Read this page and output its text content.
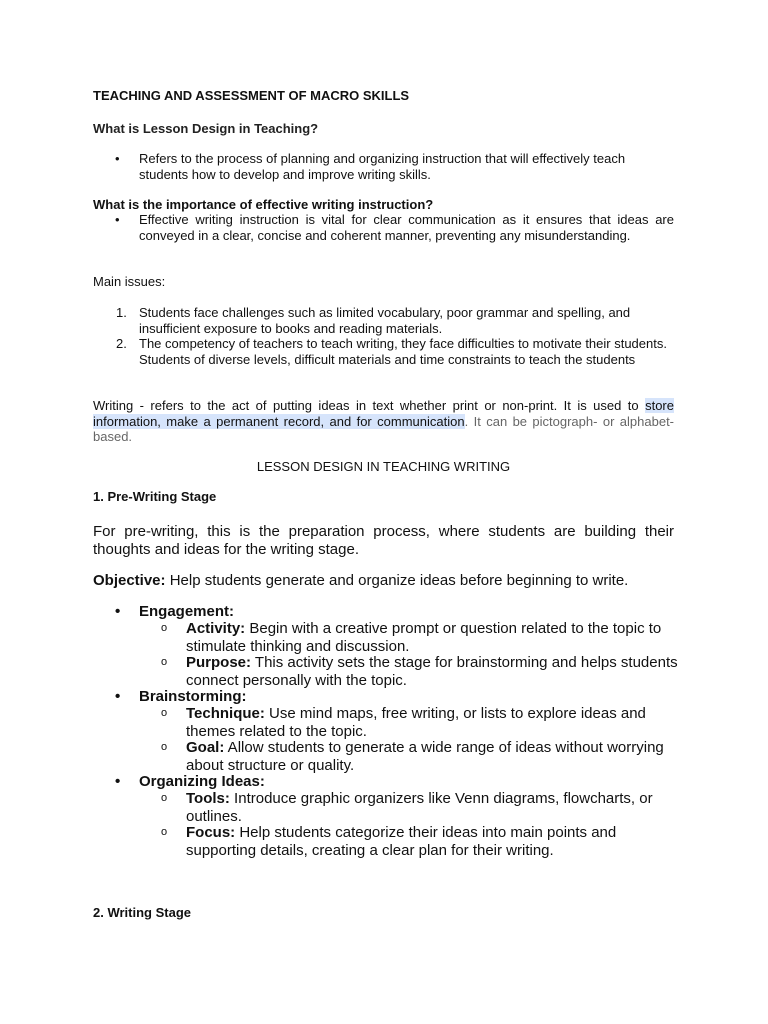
TEACHING AND ASSESSMENT OF MACRO SKILLS
What is Lesson Design in Teaching?
• Refers to the process of planning and organizing instruction that will effectively teach students how to develop and improve writing skills.
What is the importance of effective writing instruction?
• Effective writing instruction is vital for clear communication as it ensures that ideas are conveyed in a clear, concise and coherent manner, preventing any misunderstanding.
Main issues:
1. Students face challenges such as limited vocabulary, poor grammar and spelling, and insufficient exposure to books and reading materials.
2. The competency of teachers to teach writing, they face difficulties to motivate their students. Students of diverse levels, difficult materials and time constraints to teach the students
Writing - refers to the act of putting ideas in text whether print or non-print. It is used to store information, make a permanent record, and for communication. It can be pictograph- or alphabet-based.
LESSON DESIGN IN TEACHING WRITING
1. Pre-Writing Stage
For pre-writing, this is the preparation process, where students are building their thoughts and ideas for the writing stage.
Objective: Help students generate and organize ideas before beginning to write.
• Engagement:
o Activity: Begin with a creative prompt or question related to the topic to stimulate thinking and discussion.
o Purpose: This activity sets the stage for brainstorming and helps students connect personally with the topic.
• Brainstorming:
o Technique: Use mind maps, free writing, or lists to explore ideas and themes related to the topic.
o Goal: Allow students to generate a wide range of ideas without worrying about structure or quality.
• Organizing Ideas:
o Tools: Introduce graphic organizers like Venn diagrams, flowcharts, or outlines.
o Focus: Help students categorize their ideas into main points and supporting details, creating a clear plan for their writing.
2. Writing Stage
